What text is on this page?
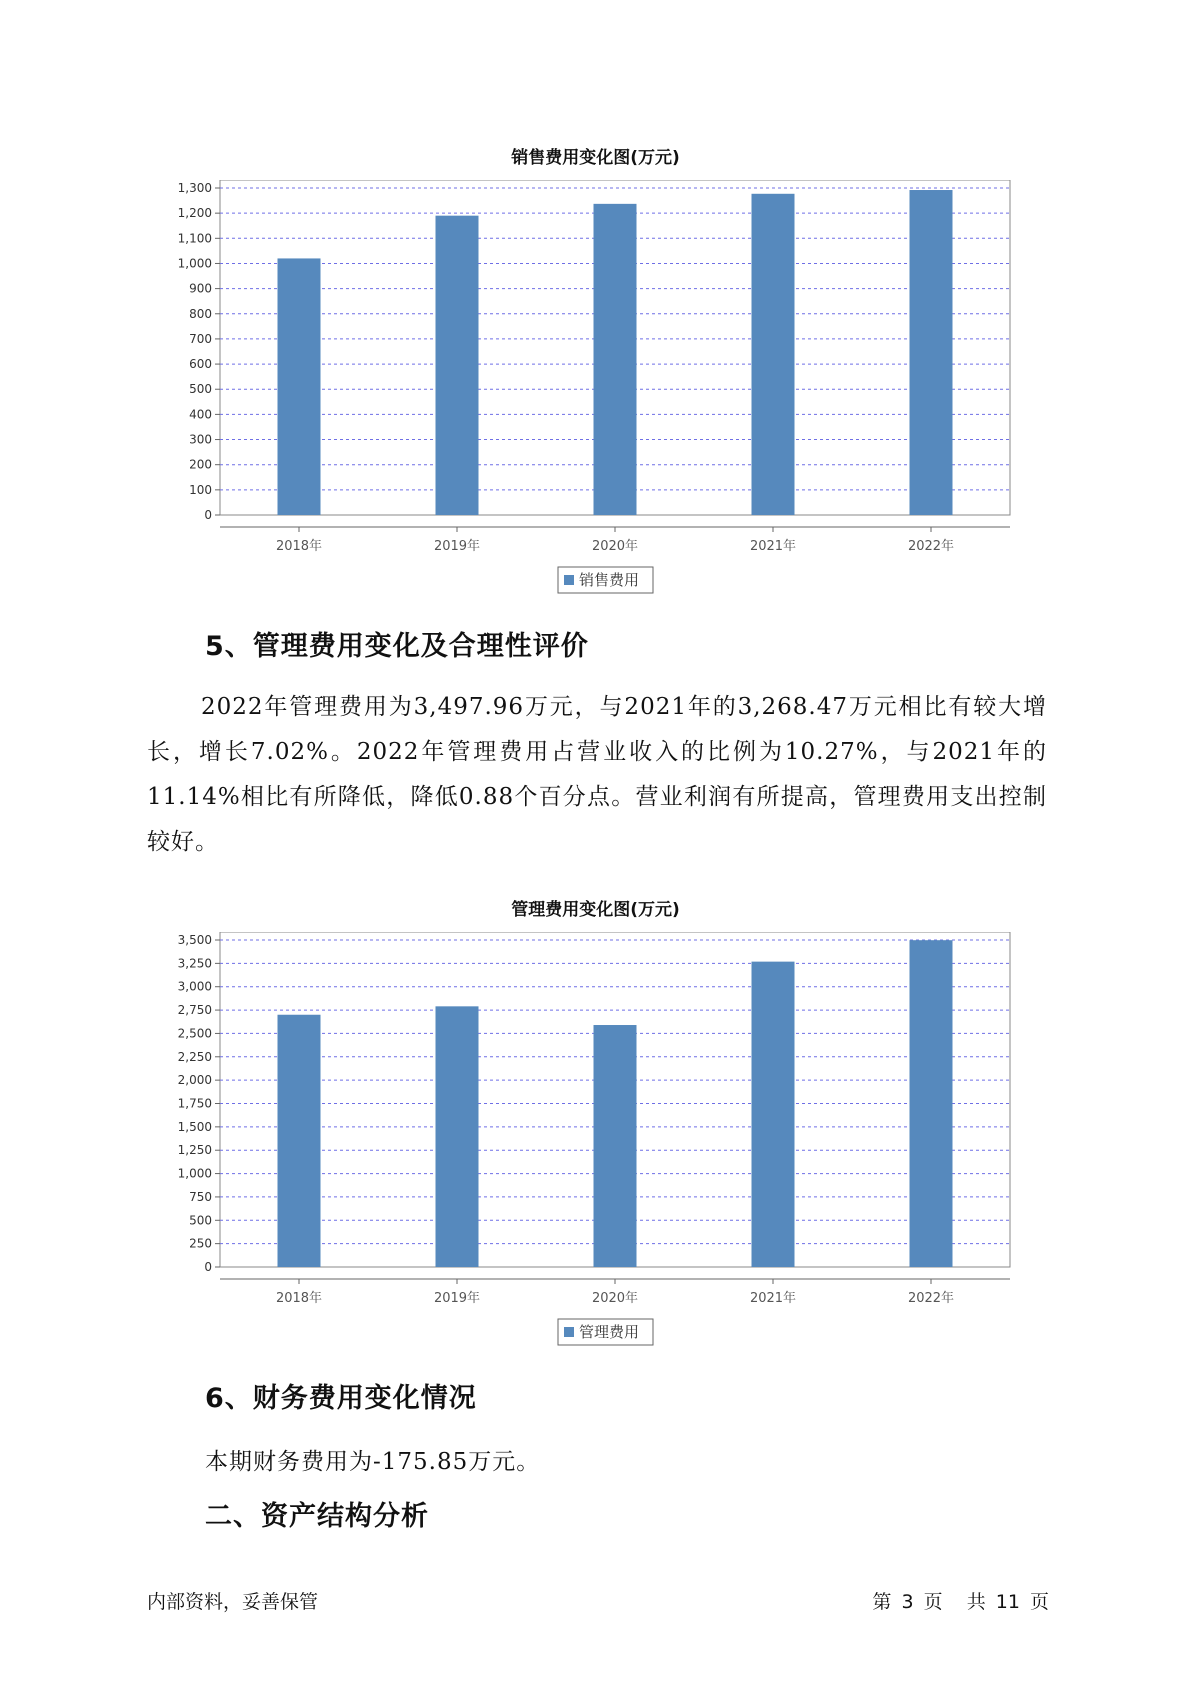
销售费用变化图(万元)
0
100
200
300
400
500
600
700
800
900
1,000
1,100
1,200
1,300
2018年	2019年	2020年	2021年	2022年
销售费用
5、管理费用变化及合理性评价

2022年管理费用为3,497.96万元，与2021年的3,268.47万元相比有较大增长，增长7.02%。2022年管理费用占营业收入的比例为10.27%，与2021年的11.14%相比有所降低，降低0.88个百分点。营业利润有所提高，管理费用支出控制较好。

管理费用变化图(万元)
0
250
500
750
1,000
1,250
1,500
1,750
2,000
2,250
2,500
2,750
3,000
3,250
3,500
2018年	2019年	2020年	2021年	2022年
管理费用
6、财务费用变化情况
本期财务费用为-175.85万元。
二、资产结构分析
内部资料，妥善保管	第 3 页 共 11 页
